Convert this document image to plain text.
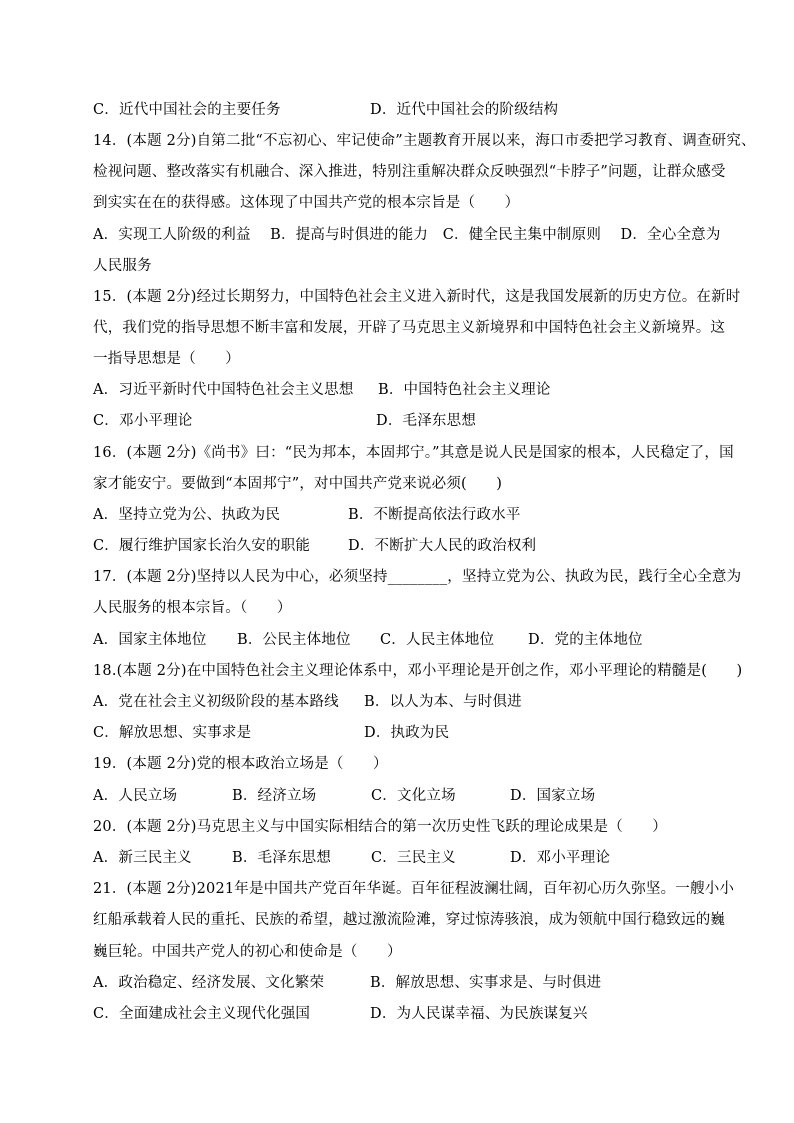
C．近代中国社会的主要任务	D．近代中国社会的阶级结构
14．(本题 2分)自第二批“不忘初心、牢记使命”主题教育开展以来，海口市委把学习教育、调查研究、
检视问题、整改落实有机融合、深入推进，特别注重解决群众反映强烈“卡脖子”问题，让群众感受
到实实在在的获得感。这体现了中国共产党的根本宗旨是（　　）
A．实现工人阶级的利益　 B．提高与时俱进的能力　C．健全民主集中制原则　 D．全心全意为
人民服务
15．(本题 2分)经过长期努力，中国特色社会主义进入新时代，这是我国发展新的历史方位。在新时
代，我们党的指导思想不断丰富和发展，开辟了马克思主义新境界和中国特色社会主义新境界。这
一指导思想是（　　）
A．习近平新时代中国特色社会主义思想 B．中国特色社会主义理论
C．邓小平理论	D．毛泽东思想
16．(本题 2分)《尚书》曰：“民为邦本，本固邦宁。”其意是说人民是国家的根本，人民稳定了，国
家才能安宁。要做到“本固邦宁”，对中国共产党来说必须(　　)
A．坚持立党为公、执政为民	B．不断提高依法行政水平
C．履行维护国家长治久安的职能	D．不断扩大人民的政治权利
17．(本题 2分)坚持以人民为中心，必须坚持________，坚持立党为公、执政为民，践行全心全意为
人民服务的根本宗旨。（　　）
A．国家主体地位 B．公民主体地位 C．人民主体地位 D．党的主体地位
18.(本题 2分)在中国特色社会主义理论体系中，邓小平理论是开创之作，邓小平理论的精髓是(　　)
A．党在社会主义初级阶段的基本路线 B．以人为本、与时俱进
C．解放思想、实事求是	D．执政为民
19．(本题 2分)党的根本政治立场是（　　）
A．人民立场	B．经济立场	C．文化立场	D．国家立场
20．(本题 2分)马克思主义与中国实际相结合的第一次历史性飞跃的理论成果是（　　）
A．新三民主义	B．毛泽东思想	C．三民主义	D．邓小平理论
21．(本题 2分)2021年是中国共产党百年华诞。百年征程波澜壮阔，百年初心历久弥坚。一艘小小
红船承载着人民的重托、民族的希望，越过激流险滩，穿过惊涛骇浪，成为领航中国行稳致远的巍
巍巨轮。中国共产党人的初心和使命是（　　）
A．政治稳定、经济发展、文化繁荣	B．解放思想、实事求是、与时俱进
C．全面建成社会主义现代化强国	D．为人民谋幸福、为民族谋复兴
